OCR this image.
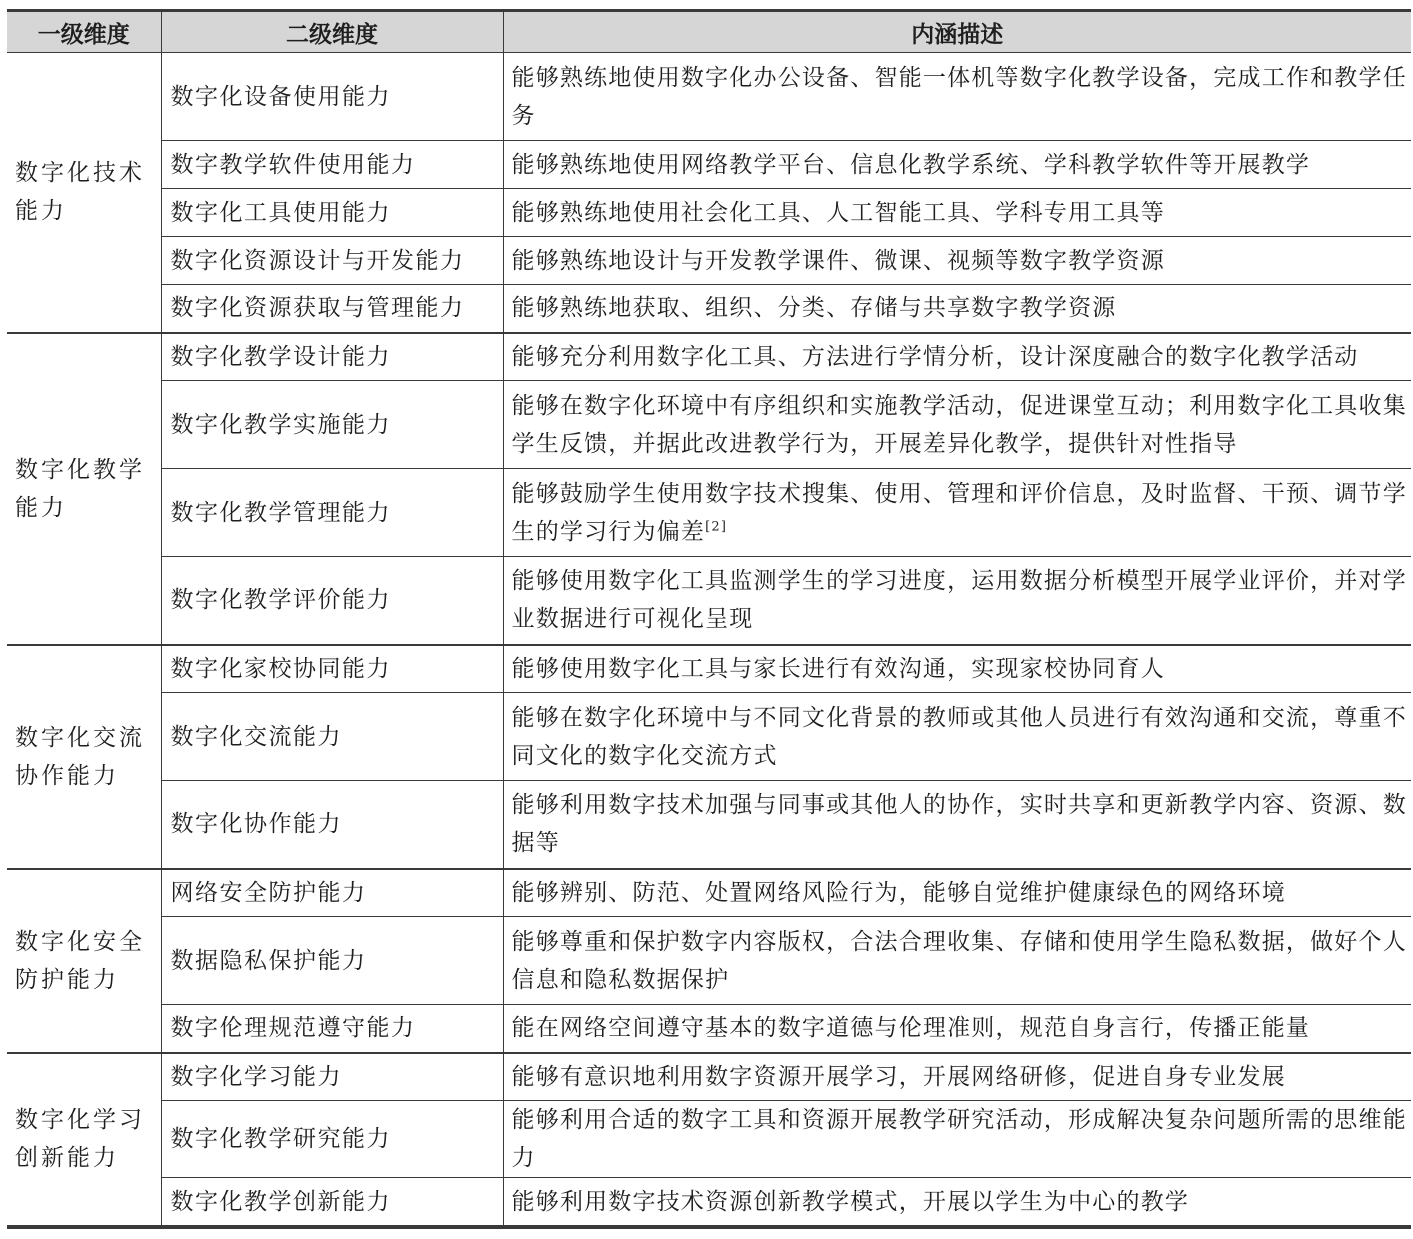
一级维度	二级维度	内涵描述
数字化技术能力	数字化设备使用能力	能够熟练地使用数字化办公设备、智能一体机等数字化教学设备，完成工作和教学任务
	数字教学软件使用能力	能够熟练地使用网络教学平台、信息化教学系统、学科教学软件等开展教学
	数字化工具使用能力	能够熟练地使用社会化工具、人工智能工具、学科专用工具等
	数字化资源设计与开发能力	能够熟练地设计与开发教学课件、微课、视频等数字教学资源
	数字化资源获取与管理能力	能够熟练地获取、组织、分类、存储与共享数字教学资源
数字化教学能力	数字化教学设计能力	能够充分利用数字化工具、方法进行学情分析，设计深度融合的数字化教学活动
	数字化教学实施能力	能够在数字化环境中有序组织和实施教学活动，促进课堂互动；利用数字化工具收集学生反馈，并据此改进教学行为，开展差异化教学，提供针对性指导
	数字化教学管理能力	能够鼓励学生使用数字技术搜集、使用、管理和评价信息，及时监督、干预、调节学生的学习行为偏差[2]
	数字化教学评价能力	能够使用数字化工具监测学生的学习进度，运用数据分析模型开展学业评价，并对学业数据进行可视化呈现
数字化交流协作能力	数字化家校协同能力	能够使用数字化工具与家长进行有效沟通，实现家校协同育人
	数字化交流能力	能够在数字化环境中与不同文化背景的教师或其他人员进行有效沟通和交流，尊重不同文化的数字化交流方式
	数字化协作能力	能够利用数字技术加强与同事或其他人的协作，实时共享和更新教学内容、资源、数据等
数字化安全防护能力	网络安全防护能力	能够辨别、防范、处置网络风险行为，能够自觉维护健康绿色的网络环境
	数据隐私保护能力	能够尊重和保护数字内容版权，合法合理收集、存储和使用学生隐私数据，做好个人信息和隐私数据保护
	数字伦理规范遵守能力	能在网络空间遵守基本的数字道德与伦理准则，规范自身言行，传播正能量
数字化学习创新能力	数字化学习能力	能够有意识地利用数字资源开展学习，开展网络研修，促进自身专业发展
	数字化教学研究能力	能够利用合适的数字工具和资源开展教学研究活动，形成解决复杂问题所需的思维能力
	数字化教学创新能力	能够利用数字技术资源创新教学模式，开展以学生为中心的教学
